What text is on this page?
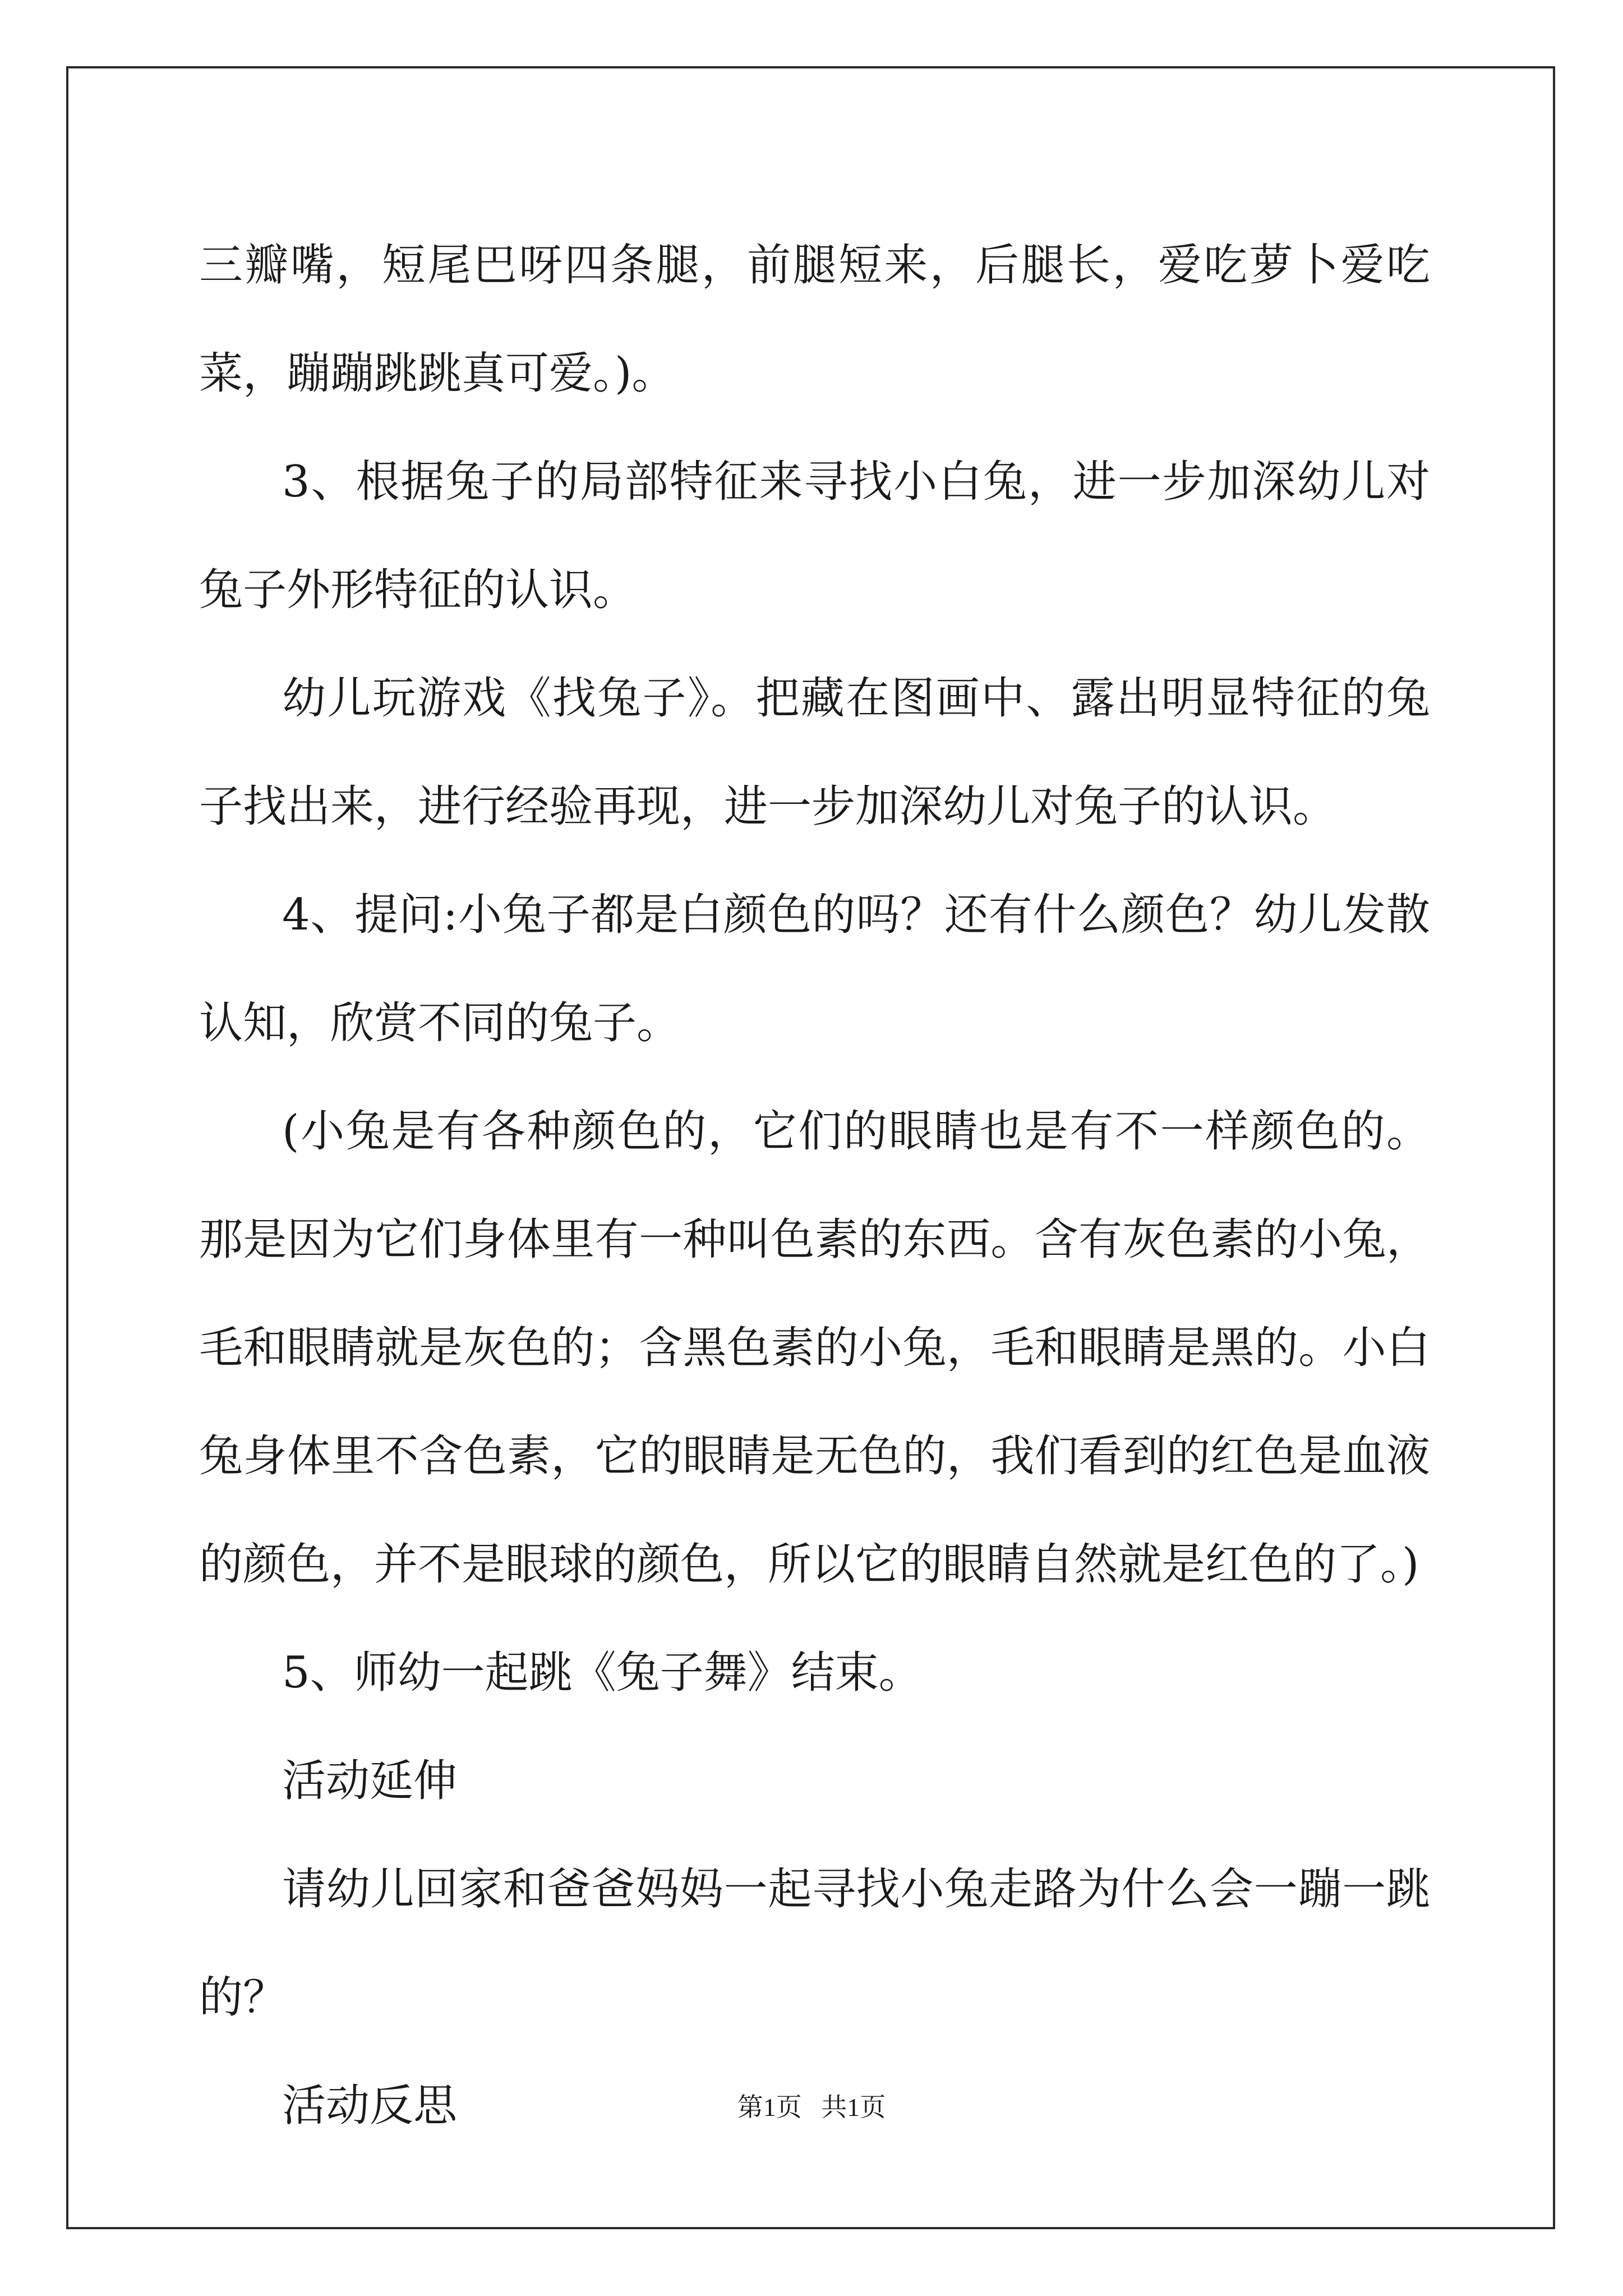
三瓣嘴，短尾巴呀四条腿，前腿短来，后腿长，爱吃萝卜爱吃菜，蹦蹦跳跳真可爱。)。

3、根据兔子的局部特征来寻找小白兔，进一步加深幼儿对兔子外形特征的认识。

幼儿玩游戏《找兔子》。把藏在图画中、露出明显特征的兔子找出来，进行经验再现，进一步加深幼儿对兔子的认识。

4、提问:小兔子都是白颜色的吗？还有什么颜色？幼儿发散认知，欣赏不同的兔子。

(小兔是有各种颜色的，它们的眼睛也是有不一样颜色的。那是因为它们身体里有一种叫色素的东西。含有灰色素的小兔，毛和眼睛就是灰色的；含黑色素的小兔，毛和眼睛是黑的。小白兔身体里不含色素，它的眼睛是无色的，我们看到的红色是血液的颜色，并不是眼球的颜色，所以它的眼睛自然就是红色的了。)

5、师幼一起跳《兔子舞》结束。

活动延伸

请幼儿回家和爸爸妈妈一起寻找小兔走路为什么会一蹦一跳的？

活动反思	第1页   共1页
